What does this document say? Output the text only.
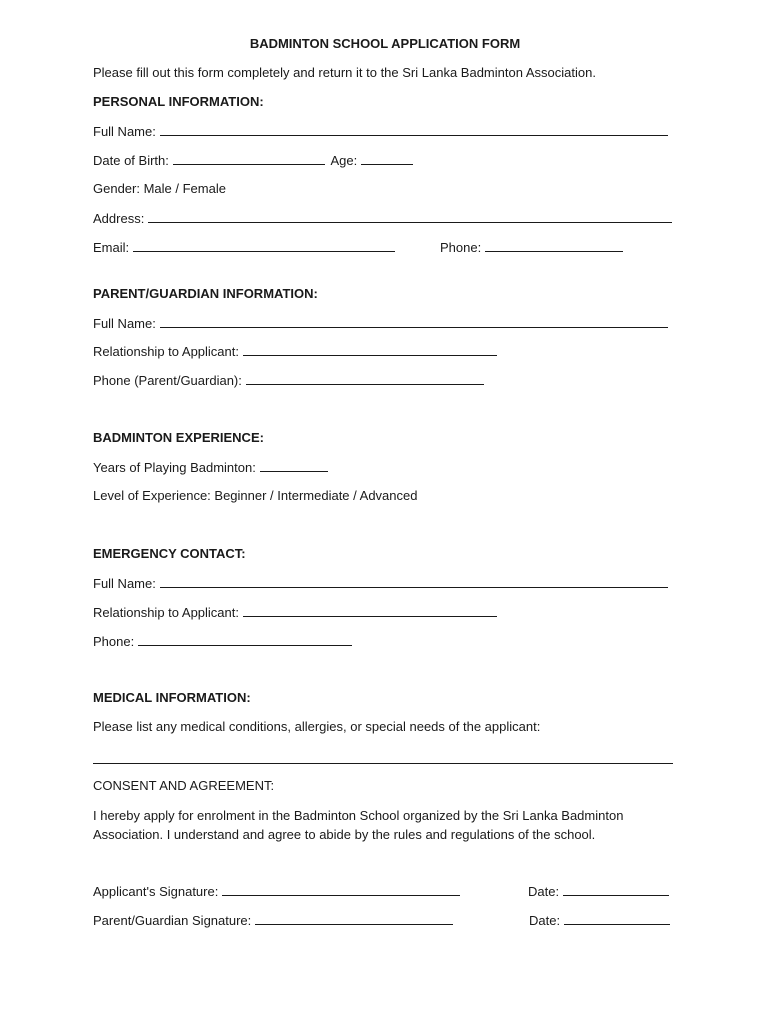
BADMINTON SCHOOL APPLICATION FORM
Please fill out this form completely and return it to the Sri Lanka Badminton Association.
PERSONAL INFORMATION:
Full Name:
Date of Birth:	Age:
Gender: Male / Female
Address:
Email:	Phone:
PARENT/GUARDIAN INFORMATION:
Full Name:
Relationship to Applicant:
Phone (Parent/Guardian):
BADMINTON EXPERIENCE:
Years of Playing Badminton:
Level of Experience: Beginner / Intermediate / Advanced
EMERGENCY CONTACT:
Full Name:
Relationship to Applicant:
Phone:
MEDICAL INFORMATION:
Please list any medical conditions, allergies, or special needs of the applicant:
CONSENT AND AGREEMENT:
I hereby apply for enrolment in the Badminton School organized by the Sri Lanka Badminton Association. I understand and agree to abide by the rules and regulations of the school.
Applicant's Signature:	Date:
Parent/Guardian Signature:	Date:
